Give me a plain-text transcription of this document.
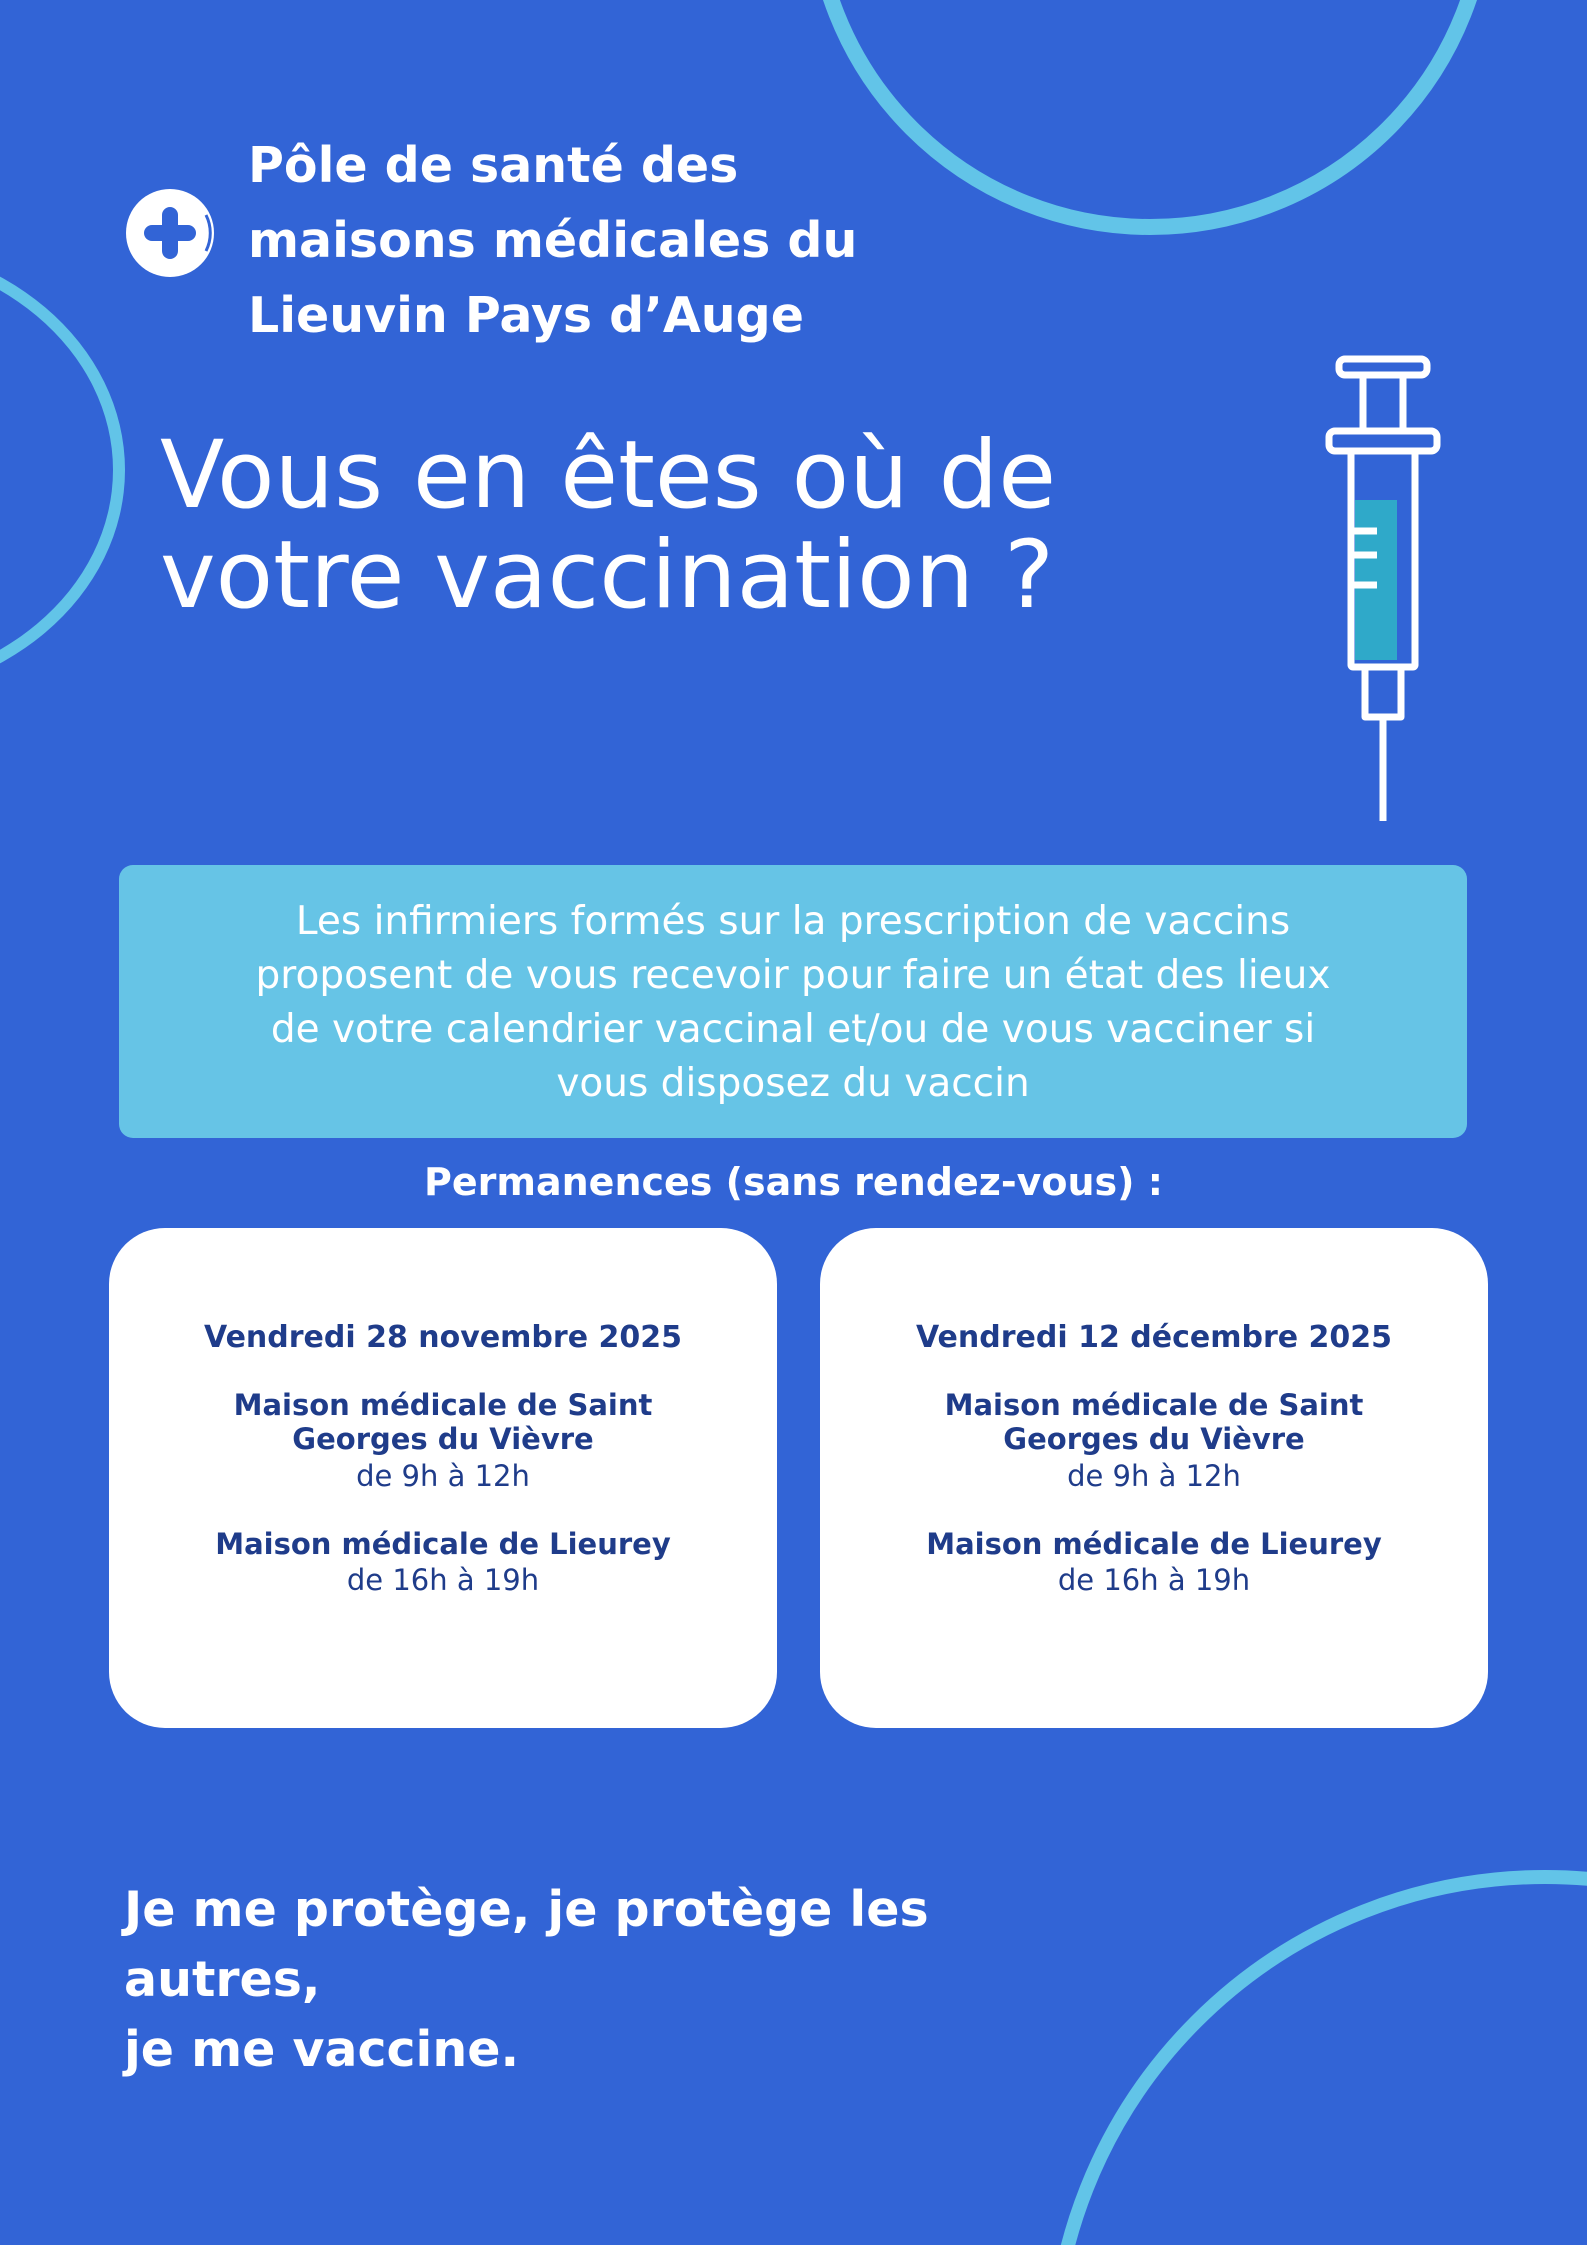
Pôle de santé des maisons médicales du Lieuvin Pays d’Auge
Vous en êtes où de votre vaccination ?

Les infirmiers formés sur la prescription de vaccins proposent de vous recevoir pour faire un état des lieux de votre calendrier vaccinal et/ou de vous vacciner si vous disposez du vaccin

Permanences (sans rendez-vous) :

Vendredi 28 novembre 2025

Maison médicale de Saint Georges du Vièvre

de 9h à 12h

Maison médicale de Lieurey

de 16h à 19h

Vendredi 12 décembre 2025

Maison médicale de Saint Georges du Vièvre

de 9h à 12h

Maison médicale de Lieurey

de 16h à 19h

Je me protège, je protège les autres,
je me vaccine.
